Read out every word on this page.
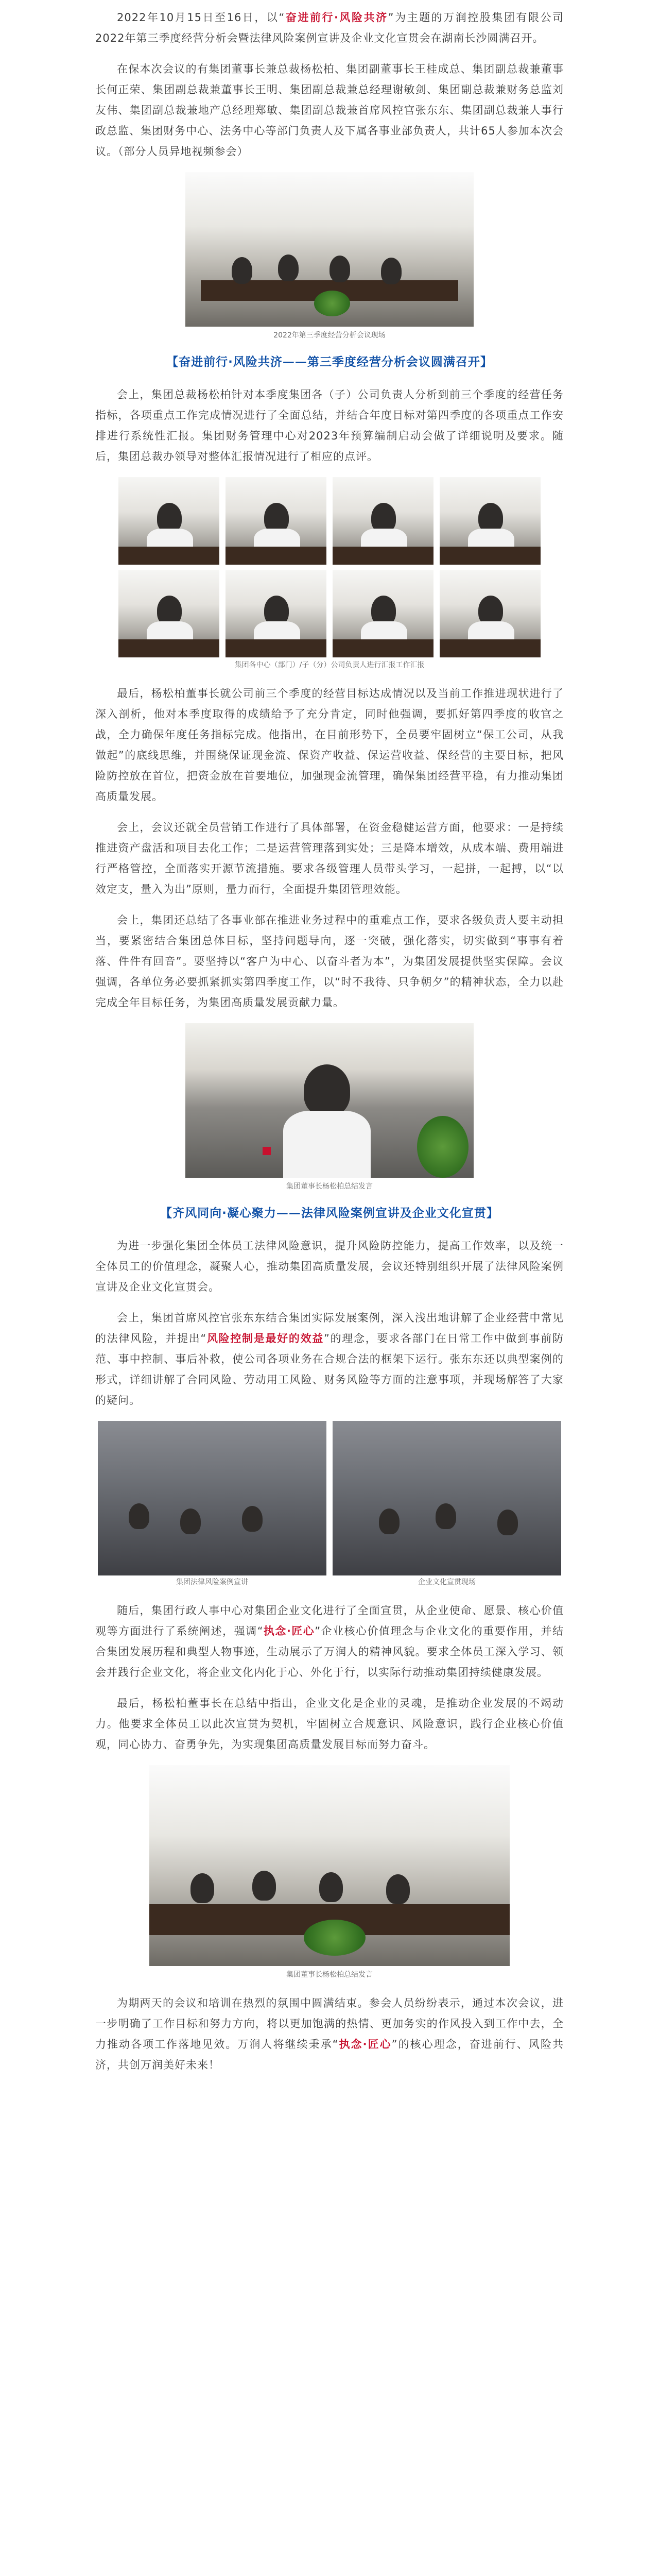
2022年10月15日至16日，以“奋进前行·风险共济”为主题的万润控股集团有限公司2022年第三季度经营分析会暨法律风险案例宣讲及企业文化宣贯会在湖南长沙圆满召开。

在保本次会议的有集团董事长兼总裁杨松柏、集团副董事长王桂成总、集团副总裁兼董事长何正荣、集团副总裁兼董事长王明、集团副总裁兼总经理谢敏剑、集团副总裁兼财务总监刘友伟、集团副总裁兼地产总经理郑敏、集团副总裁兼首席风控官张东东、集团副总裁兼人事行政总监、集团财务中心、法务中心等部门负责人及下属各事业部负责人，共计65人参加本次会议。（部分人员异地视频参会）

2022年第三季度经营分析会议现场
【奋进前行·风险共济——第三季度经营分析会议圆满召开】

会上，集团总裁杨松柏针对本季度集团各（子）公司负责人分析到前三个季度的经营任务指标，各项重点工作完成情况进行了全面总结，并结合年度目标对第四季度的各项重点工作安排进行系统性汇报。集团财务管理中心对2023年预算编制启动会做了详细说明及要求。随后，集团总裁办领导对整体汇报情况进行了相应的点评。

集团各中心（部门）/子（分）公司负责人进行汇报工作汇报

最后，杨松柏董事长就公司前三个季度的经营目标达成情况以及当前工作推进现状进行了深入剖析，他对本季度取得的成绩给予了充分肯定，同时他强调，要抓好第四季度的收官之战，全力确保年度任务指标完成。他指出，在目前形势下，全员要牢固树立“保工公司，从我做起”的底线思维，并围绕保证现金流、保资产收益、保运营收益、保经营的主要目标，把风险防控放在首位，把资金放在首要地位，加强现金流管理，确保集团经营平稳，有力推动集团高质量发展。

会上，会议还就全员营销工作进行了具体部署，在资金稳健运营方面，他要求：一是持续推进资产盘活和项目去化工作；二是运营管理落到实处；三是降本增效，从成本端、费用端进行严格管控，全面落实开源节流措施。要求各级管理人员带头学习，一起拼，一起搏，以“以效定支，量入为出”原则，量力而行，全面提升集团管理效能。

会上，集团还总结了各事业部在推进业务过程中的重难点工作，要求各级负责人要主动担当，要紧密结合集团总体目标，坚持问题导向，逐一突破，强化落实，切实做到“事事有着落、件件有回音”。要坚持以“客户为中心、以奋斗者为本”，为集团发展提供坚实保障。会议强调，各单位务必要抓紧抓实第四季度工作，以“时不我待、只争朝夕”的精神状态，全力以赴完成全年目标任务，为集团高质量发展贡献力量。

集团董事长杨松柏总结发言
【齐风同向·凝心聚力——法律风险案例宣讲及企业文化宣贯】

为进一步强化集团全体员工法律风险意识，提升风险防控能力，提高工作效率，以及统一全体员工的价值理念，凝聚人心，推动集团高质量发展，会议还特别组织开展了法律风险案例宣讲及企业文化宣贯会。

会上，集团首席风控官张东东结合集团实际发展案例，深入浅出地讲解了企业经营中常见的法律风险，并提出“风险控制是最好的效益”的理念，要求各部门在日常工作中做到事前防范、事中控制、事后补救，使公司各项业务在合规合法的框架下运行。张东东还以典型案例的形式，详细讲解了合同风险、劳动用工风险、财务风险等方面的注意事项，并现场解答了大家的疑问。

集团法律风险案例宣讲	企业文化宣贯现场

随后，集团行政人事中心对集团企业文化进行了全面宣贯，从企业使命、愿景、核心价值观等方面进行了系统阐述，强调“执念·匠心”企业核心价值理念与企业文化的重要作用，并结合集团发展历程和典型人物事迹，生动展示了万润人的精神风貌。要求全体员工深入学习、领会并践行企业文化，将企业文化内化于心、外化于行，以实际行动推动集团持续健康发展。

最后，杨松柏董事长在总结中指出，企业文化是企业的灵魂，是推动企业发展的不竭动力。他要求全体员工以此次宣贯为契机，牢固树立合规意识、风险意识，践行企业核心价值观，同心协力、奋勇争先，为实现集团高质量发展目标而努力奋斗。

集团董事长杨松柏总结发言

为期两天的会议和培训在热烈的氛围中圆满结束。参会人员纷纷表示，通过本次会议，进一步明确了工作目标和努力方向，将以更加饱满的热情、更加务实的作风投入到工作中去，全力推动各项工作落地见效。万润人将继续秉承“执念·匠心”的核心理念，奋进前行、风险共济，共创万润美好未来！
